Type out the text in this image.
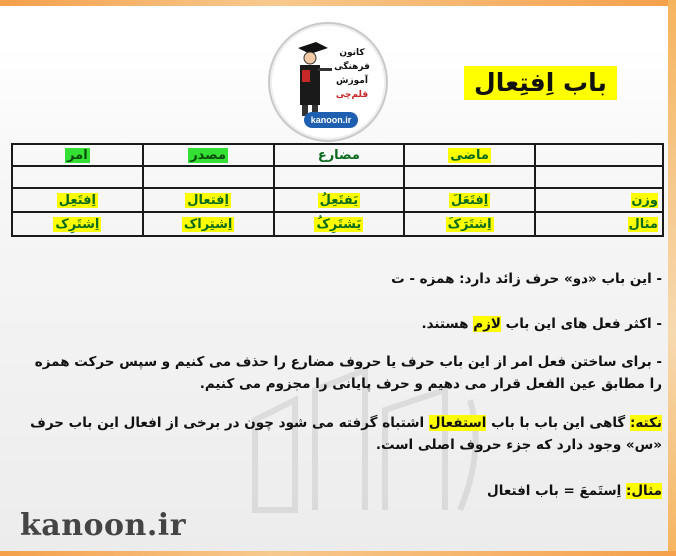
کانون
فرهنگی
آموزش
قلم‌چی
kanoon.ir
باب اِفتِعال
	ماضی	مضارع	مصدر	امر

وزن	اِفتَعَلَ	یَفتَعِلُ	اِفتعال	اِفتَعِل
مثال	اِشتَرَکَ	یَشتَرِکُ	اِشتِراک	اِشتَرِک
- این باب «دو» حرف زائد دارد: همزه - ت
- اکثر فعل های این باب لازم هستند.
- برای ساختن فعل امر از این باب حرف یا حروف مضارع را حذف می کنیم و سپس حرکت همزه
را مطابق عین الفعل قرار می دهیم و حرف پایانی را مجزوم می کنیم.
نکته: گاهی این باب با باب استفعال اشتباه گرفته می شود چون در برخی از افعال این باب حرف
«س» وجود دارد که جزء حروف اصلی است.
مثال: اِستَمعَ = باب افتعال
kanoon.ir
